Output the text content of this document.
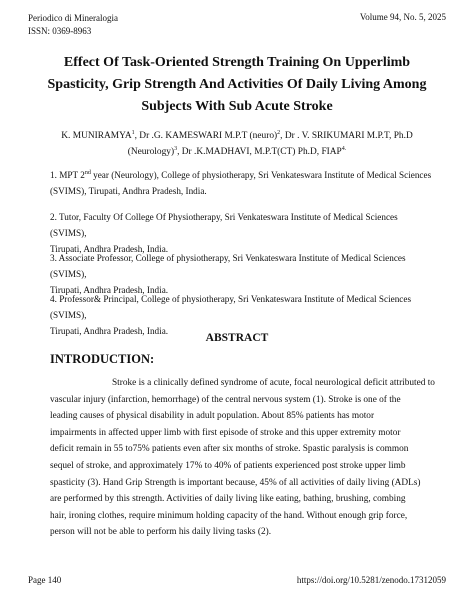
Periodico di Mineralogia
ISSN: 0369-8963
Volume 94, No. 5, 2025
Effect Of Task-Oriented Strength Training On Upperlimb
Spasticity, Grip Strength And Activities Of Daily Living Among
Subjects With Sub Acute Stroke
K. MUNIRAMYA$^1$, Dr .G. KAMESWARI M.P.T (neuro)$^2$, Dr . V. SRIKUMARI M.P.T, Ph.D
(Neurology)$^3$, Dr .K.MADHAVI, M.P.T(CT) Ph.D, $FIAP^{4.}$
1. MPT 2nd year (Neurology), College of physiotherapy, Sri Venkateswara Institute of Medical Sciences
(SVIMS), Tirupati, Andhra Pradesh, India.
2. Tutor, Faculty Of College Of Physiotherapy, Sri Venkateswara Institute of Medical Sciences (SVIMS),
Tirupati, Andhra Pradesh, India.
3. Associate Professor, College of physiotherapy, Sri Venkateswara Institute of Medical Sciences (SVIMS),
Tirupati, Andhra Pradesh, India.
4. Professor& Principal, College of physiotherapy, Sri Venkateswara Institute of Medical Sciences (SVIMS),
Tirupati, Andhra Pradesh, India.
ABSTRACT
INTRODUCTION:
Stroke is a clinically defined syndrome of acute, focal neurological deficit attributed to
vascular injury (infarction, hemorrhage) of the central nervous system (1). Stroke is one of the
leading causes of physical disability in adult population. About 85% patients has motor
impairments in affected upper limb with first episode of stroke and this upper extremity motor
deficit remain in 55 to75% patients even after six months of stroke. Spastic paralysis is common
sequel of stroke, and approximately 17% to 40% of patients experienced post stroke upper limb
spasticity (3). Hand Grip Strength is important because, 45% of all activities of daily living (ADLs)
are performed by this strength. Activities of daily living like eating, bathing, brushing, combing
hair, ironing clothes, require minimum holding capacity of the hand. Without enough grip force,
person will not be able to perform his daily living tasks (2).
Page 140	https://doi.org/10.5281/zenodo.17312059
